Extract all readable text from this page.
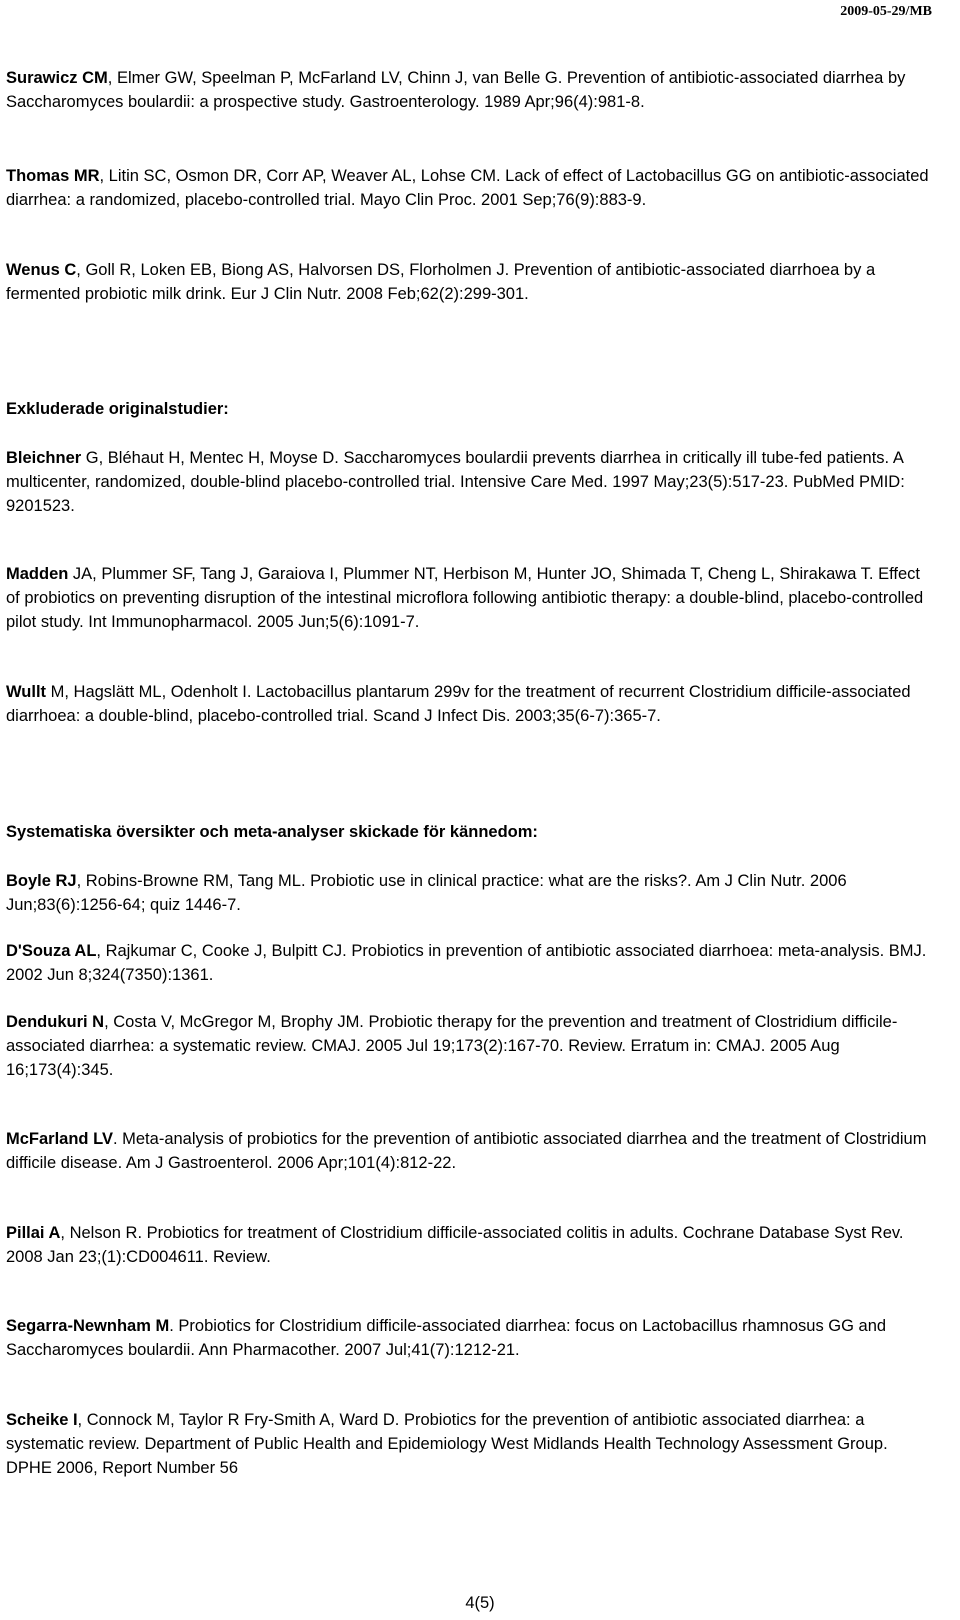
2009-05-29/MB

Surawicz CM, Elmer GW, Speelman P, McFarland LV, Chinn J, van Belle G. Prevention of antibiotic-associated diarrhea by Saccharomyces boulardii: a prospective study. Gastroenterology. 1989 Apr;96(4):981-8.

Thomas MR, Litin SC, Osmon DR, Corr AP, Weaver AL, Lohse CM. Lack of effect of Lactobacillus GG on antibiotic-associated diarrhea: a randomized, placebo-controlled trial. Mayo Clin Proc. 2001 Sep;76(9):883-9.

Wenus C, Goll R, Loken EB, Biong AS, Halvorsen DS, Florholmen J. Prevention of antibiotic-associated diarrhoea by a fermented probiotic milk drink. Eur J Clin Nutr. 2008 Feb;62(2):299-301.

Exkluderade originalstudier:

Bleichner G, Bléhaut H, Mentec H, Moyse D. Saccharomyces boulardii prevents diarrhea in critically ill tube-fed patients. A multicenter, randomized, double-blind placebo-controlled trial. Intensive Care Med. 1997 May;23(5):517-23. PubMed PMID: 9201523.

Madden JA, Plummer SF, Tang J, Garaiova I, Plummer NT, Herbison M, Hunter JO, Shimada T, Cheng L, Shirakawa T. Effect of probiotics on preventing disruption of the intestinal microflora following antibiotic therapy: a double-blind, placebo-controlled pilot study. Int Immunopharmacol. 2005 Jun;5(6):1091-7.

Wullt M, Hagslätt ML, Odenholt I. Lactobacillus plantarum 299v for the treatment of recurrent Clostridium difficile-associated diarrhoea: a double-blind, placebo-controlled trial. Scand J Infect Dis. 2003;35(6-7):365-7.

Systematiska översikter och meta-analyser skickade för kännedom:

Boyle RJ, Robins-Browne RM, Tang ML. Probiotic use in clinical practice: what are the risks?. Am J Clin Nutr. 2006 Jun;83(6):1256-64; quiz 1446-7.

D'Souza AL, Rajkumar C, Cooke J, Bulpitt CJ. Probiotics in prevention of antibiotic associated diarrhoea: meta-analysis. BMJ. 2002 Jun 8;324(7350):1361.

Dendukuri N, Costa V, McGregor M, Brophy JM. Probiotic therapy for the prevention and treatment of Clostridium difficile-associated diarrhea: a systematic review. CMAJ. 2005 Jul 19;173(2):167-70. Review. Erratum in: CMAJ. 2005 Aug 16;173(4):345.

McFarland LV. Meta-analysis of probiotics for the prevention of antibiotic associated diarrhea and the treatment of Clostridium difficile disease. Am J Gastroenterol. 2006 Apr;101(4):812-22.

Pillai A, Nelson R. Probiotics for treatment of Clostridium difficile-associated colitis in adults. Cochrane Database Syst Rev. 2008 Jan 23;(1):CD004611. Review.

Segarra-Newnham M. Probiotics for Clostridium difficile-associated diarrhea: focus on Lactobacillus rhamnosus GG and Saccharomyces boulardii. Ann Pharmacother. 2007 Jul;41(7):1212-21.

Scheike I, Connock M, Taylor R Fry-Smith A, Ward D. Probiotics for the prevention of antibiotic associated diarrhea: a systematic review. Department of Public Health and Epidemiology West Midlands Health Technology Assessment Group. DPHE 2006, Report Number 56

4(5)
